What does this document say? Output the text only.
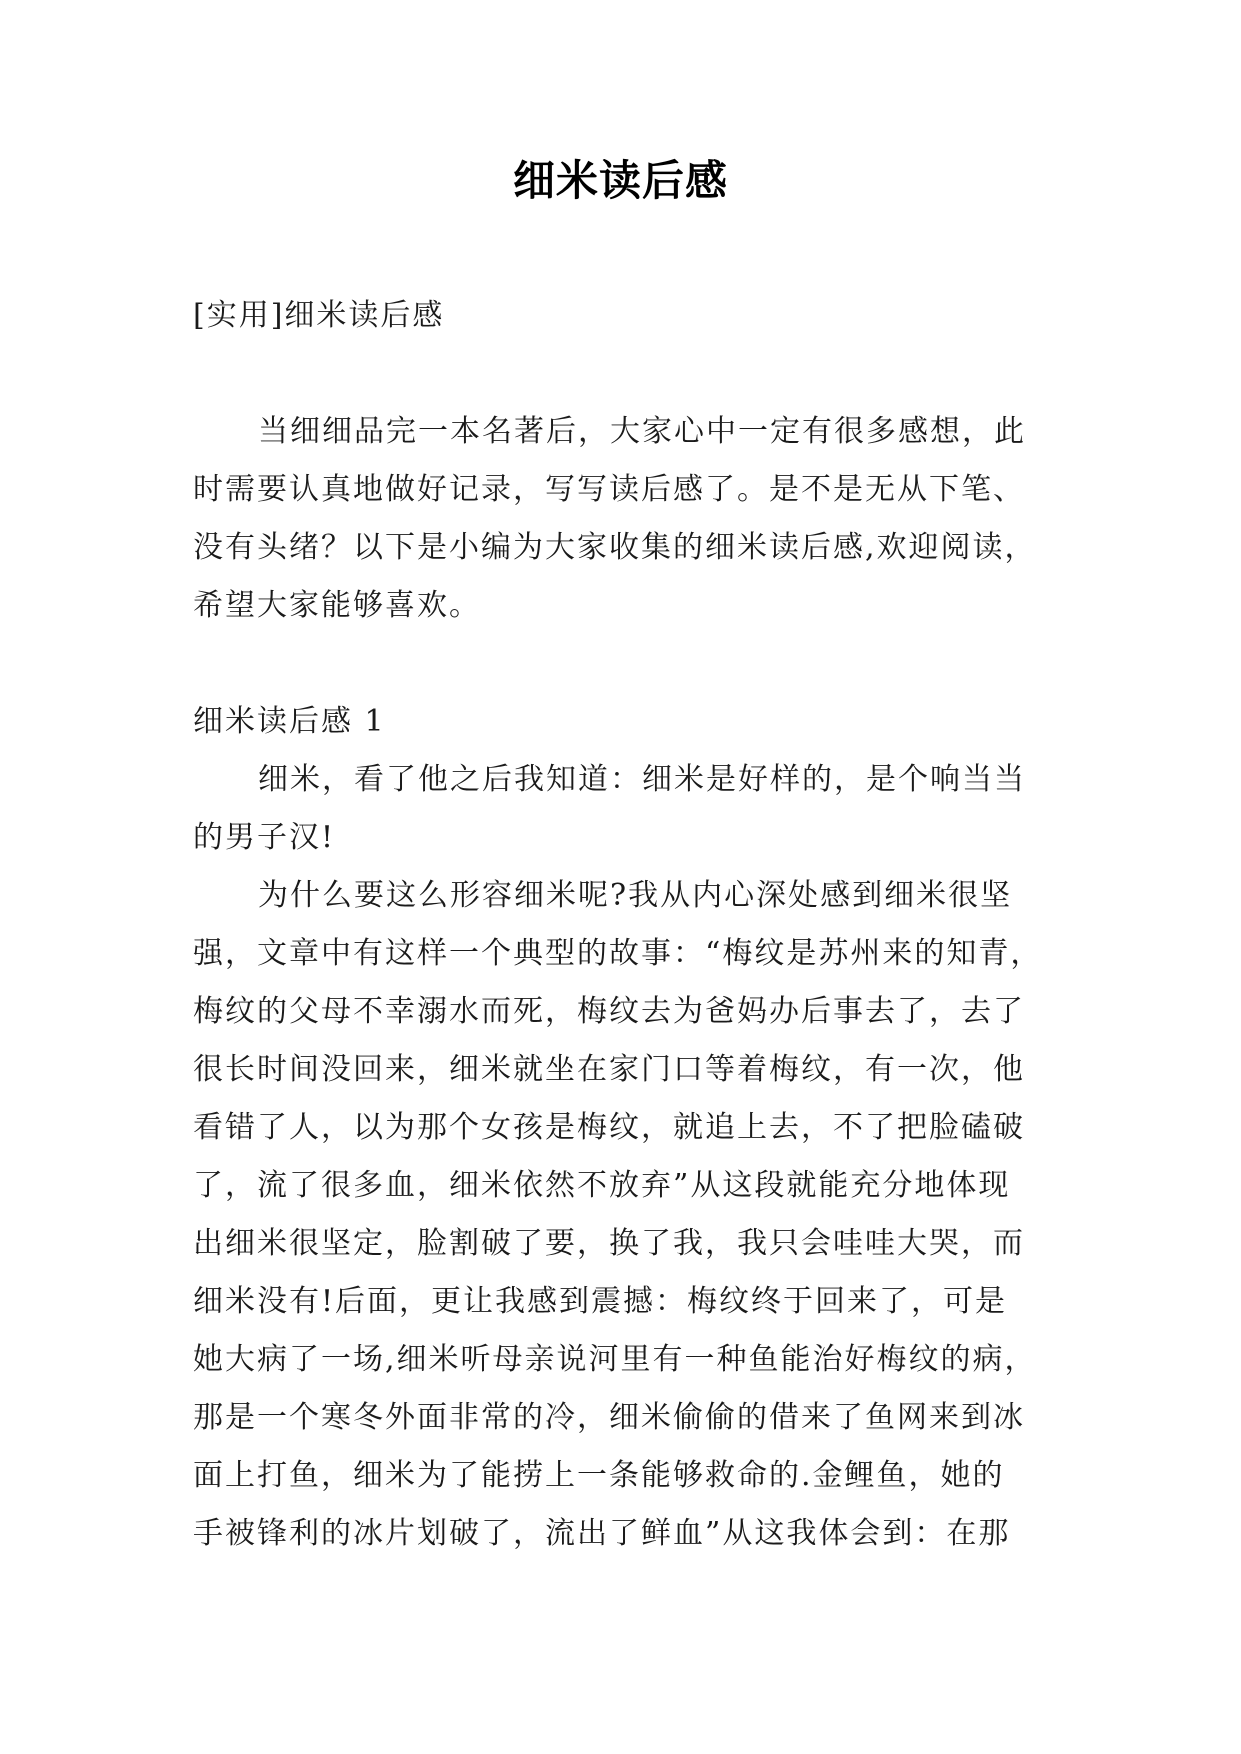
细米读后感
[实用]细米读后感
当细细品完一本名著后，大家心中一定有很多感想，此
时需要认真地做好记录，写写读后感了。是不是无从下笔、
没有头绪？以下是小编为大家收集的细米读后感,欢迎阅读，
希望大家能够喜欢。
细米读后感 1
细米，看了他之后我知道：细米是好样的，是个响当当
的男子汉!
为什么要这么形容细米呢?我从内心深处感到细米很坚
强，文章中有这样一个典型的故事：“梅纹是苏州来的知青，
梅纹的父母不幸溺水而死，梅纹去为爸妈办后事去了，去了
很长时间没回来，细米就坐在家门口等着梅纹，有一次，他
看错了人，以为那个女孩是梅纹，就追上去，不了把脸磕破
了，流了很多血，细米依然不放弃”从这段就能充分地体现
出细米很坚定，脸割破了要，换了我，我只会哇哇大哭，而
细米没有!后面，更让我感到震撼：梅纹终于回来了，可是
她大病了一场,细米听母亲说河里有一种鱼能治好梅纹的病，
那是一个寒冬外面非常的冷，细米偷偷的借来了鱼网来到冰
面上打鱼，细米为了能捞上一条能够救命的.金鲤鱼，她的
手被锋利的冰片划破了，流出了鲜血”从这我体会到：在那
